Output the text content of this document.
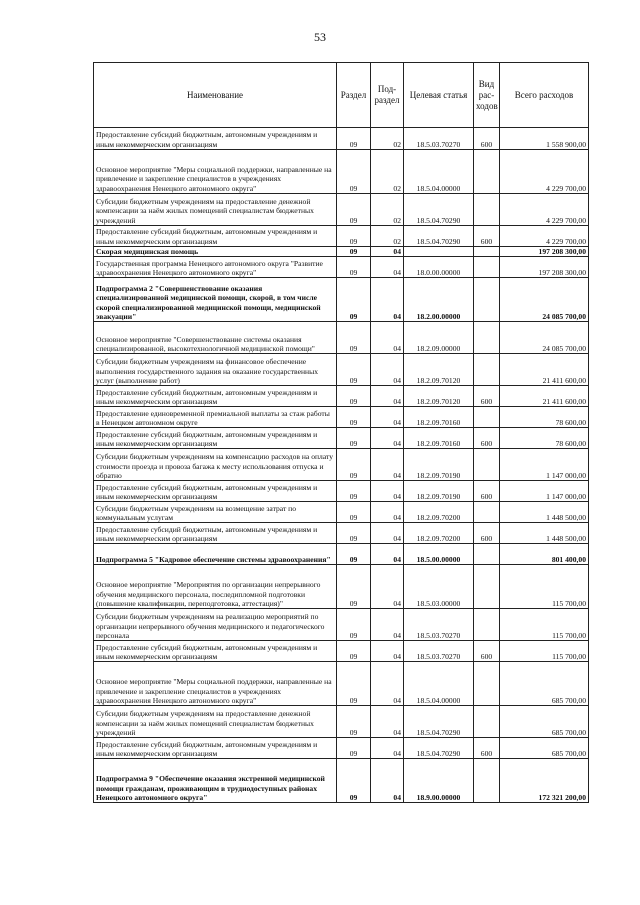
53
Наименование	Раздел	Под-раздел	Целевая статья	Вид рас-ходов	Всего расходов
Предоставление субсидий бюджетным, автономным учреждениям и иным некоммерческим организациям	09	02	18.5.03.70270	600	1 558 900,00
Основное мероприятие "Меры социальной поддержки, направленные на привлечение и закрепление специалистов в учреждениях здравоохранения Ненецкого автономного округа"	09	02	18.5.04.00000		4 229 700,00
Субсидии бюджетным учреждениям на предоставление денежной компенсации за наём жилых помещений специалистам бюджетных учреждений	09	02	18.5.04.70290		4 229 700,00
Предоставление субсидий бюджетным, автономным учреждениям и иным некоммерческим организациям	09	02	18.5.04.70290	600	4 229 700,00
Скорая медицинская помощь	09	04			197 208 300,00
Государственная программа Ненецкого автономного округа "Развитие здравоохранения Ненецкого автономного округа"	09	04	18.0.00.00000		197 208 300,00
Подпрограмма 2 "Совершенствование оказания специализированной медицинской помощи, скорой, в том числе скорой специализированной медицинской помощи, медицинской эвакуации"	09	04	18.2.00.00000		24 085 700,00
Основное мероприятие "Совершенствование системы оказания специализированной, высокотехнологичной медицинской помощи"	09	04	18.2.09.00000		24 085 700,00
Субсидии бюджетным учреждениям на финансовое обеспечение выполнения государственного задания на оказание государственных услуг (выполнение работ)	09	04	18.2.09.70120		21 411 600,00
Предоставление субсидий бюджетным, автономным учреждениям и иным некоммерческим организациям	09	04	18.2.09.70120	600	21 411 600,00
Предоставление единовременной премиальной выплаты за стаж работы в Ненецком автономном округе	09	04	18.2.09.70160		78 600,00
Предоставление субсидий бюджетным, автономным учреждениям и иным некоммерческим организациям	09	04	18.2.09.70160	600	78 600,00
Субсидии бюджетным учреждениям на компенсацию расходов на оплату стоимости проезда и провоза багажа к месту использования отпуска и обратно	09	04	18.2.09.70190		1 147 000,00
Предоставление субсидий бюджетным, автономным учреждениям и иным некоммерческим организациям	09	04	18.2.09.70190	600	1 147 000,00
Субсидии бюджетным учреждениям на возмещение затрат по коммунальным услугам	09	04	18.2.09.70200		1 448 500,00
Предоставление субсидий бюджетным, автономным учреждениям и иным некоммерческим организациям	09	04	18.2.09.70200	600	1 448 500,00
Подпрограмма 5 "Кадровое обеспечение системы здравоохранения"	09	04	18.5.00.00000		801 400,00
Основное мероприятие "Мероприятия по организации непрерывного обучения медицинского персонала, последипломной подготовки (повышение квалификации, переподготовка, аттестация)"	09	04	18.5.03.00000		115 700,00
Субсидии бюджетным учреждениям на реализацию мероприятий по организации непрерывного обучения медицинского и педагогического персонала	09	04	18.5.03.70270		115 700,00
Предоставление субсидий бюджетным, автономным учреждениям и иным некоммерческим организациям	09	04	18.5.03.70270	600	115 700,00
Основное мероприятие "Меры социальной поддержки, направленные на привлечение и закрепление специалистов в учреждениях здравоохранения Ненецкого автономного округа"	09	04	18.5.04.00000		685 700,00
Субсидии бюджетным учреждениям на предоставление денежной компенсации за наём жилых помещений специалистам бюджетных учреждений	09	04	18.5.04.70290		685 700,00
Предоставление субсидий бюджетным, автономным учреждениям и иным некоммерческим организациям	09	04	18.5.04.70290	600	685 700,00
Подпрограмма 9 "Обеспечение оказания экстренной медицинской помощи гражданам, проживающим в труднодоступных районах Ненецкого автономного округа"	09	04	18.9.00.00000		172 321 200,00
